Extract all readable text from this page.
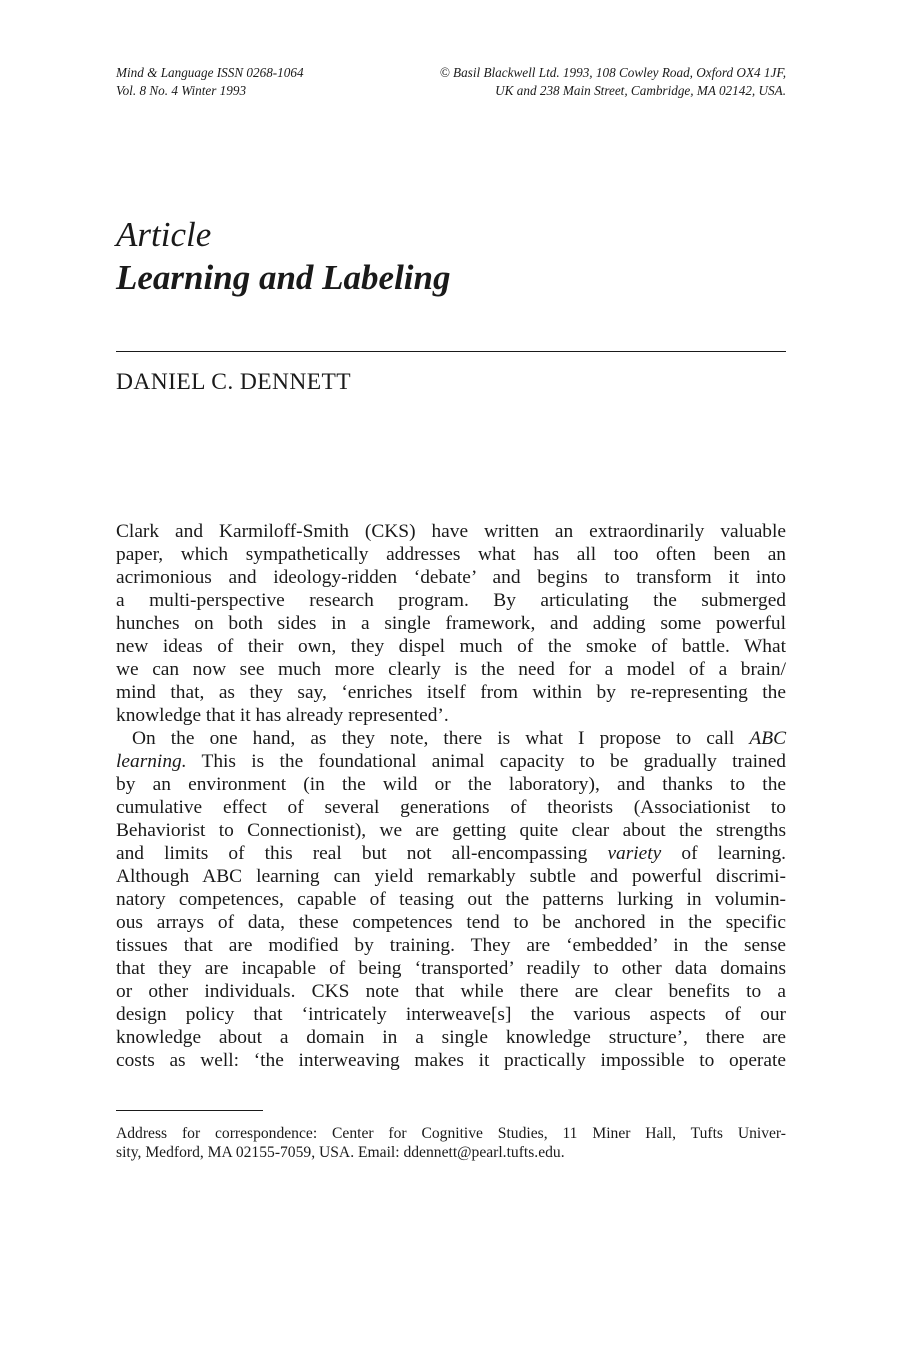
Mind & Language ISSN 0268-1064
Vol. 8 No. 4 Winter 1993
© Basil Blackwell Ltd. 1993, 108 Cowley Road, Oxford OX4 1JF,
UK and 238 Main Street, Cambridge, MA 02142, USA.
Article
Learning and Labeling
DANIEL C. DENNETT
Clark and Karmiloff-Smith (CKS) have written an extraordinarily valuable
paper, which sympathetically addresses what has all too often been an
acrimonious and ideology-ridden ‘debate’ and begins to transform it into
a multi-perspective research program. By articulating the submerged
hunches on both sides in a single framework, and adding some powerful
new ideas of their own, they dispel much of the smoke of battle. What
we can now see much more clearly is the need for a model of a brain/
mind that, as they say, ‘enriches itself from within by re-representing the
knowledge that it has already represented’.
On the one hand, as they note, there is what I propose to call ABC
learning. This is the foundational animal capacity to be gradually trained
by an environment (in the wild or the laboratory), and thanks to the
cumulative effect of several generations of theorists (Associationist to
Behaviorist to Connectionist), we are getting quite clear about the strengths
and limits of this real but not all-encompassing variety of learning.
Although ABC learning can yield remarkably subtle and powerful discrimi-
natory competences, capable of teasing out the patterns lurking in volumin-
ous arrays of data, these competences tend to be anchored in the specific
tissues that are modified by training. They are ‘embedded’ in the sense
that they are incapable of being ‘transported’ readily to other data domains
or other individuals. CKS note that while there are clear benefits to a
design policy that ‘intricately interweave[s] the various aspects of our
knowledge about a domain in a single knowledge structure’, there are
costs as well: ‘the interweaving makes it practically impossible to operate
Address for correspondence: Center for Cognitive Studies, 11 Miner Hall, Tufts Univer-
sity, Medford, MA 02155-7059, USA. Email: ddennett@pearl.tufts.edu.
